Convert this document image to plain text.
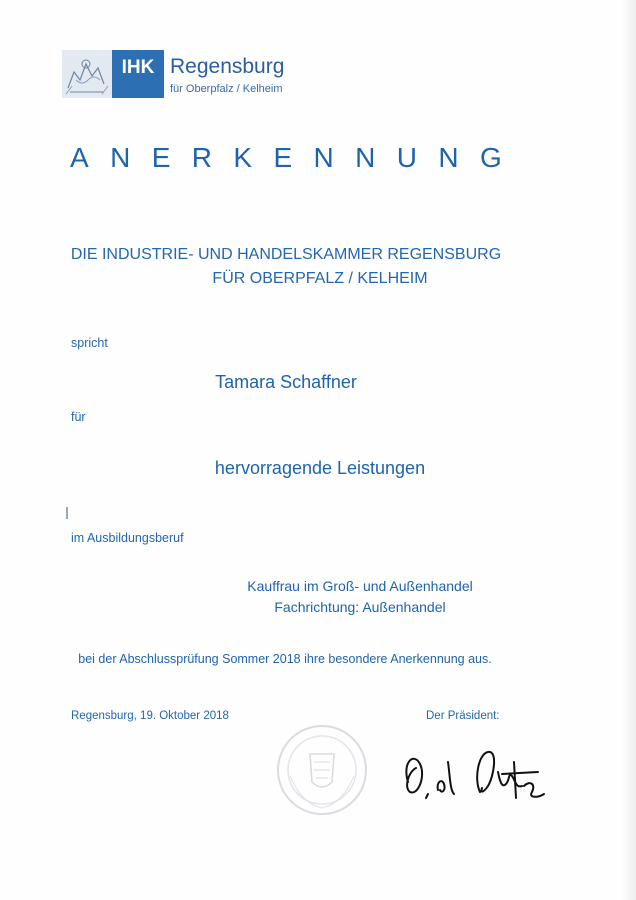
IHK Regensburg
für Oberpfalz / Kelheim
ANERKENNUNG
DIE INDUSTRIE- UND HANDELSKAMMER REGENSBURG
FÜR OBERPFALZ / KELHEIM
spricht
Tamara Schaffner
für
hervorragende Leistungen
im Ausbildungsberuf
Kauffrau im Groß- und Außenhandel
Fachrichtung: Außenhandel
bei der Abschlussprüfung Sommer 2018 ihre besondere Anerkennung aus.
Regensburg, 19. Oktober 2018	Der Präsident:
